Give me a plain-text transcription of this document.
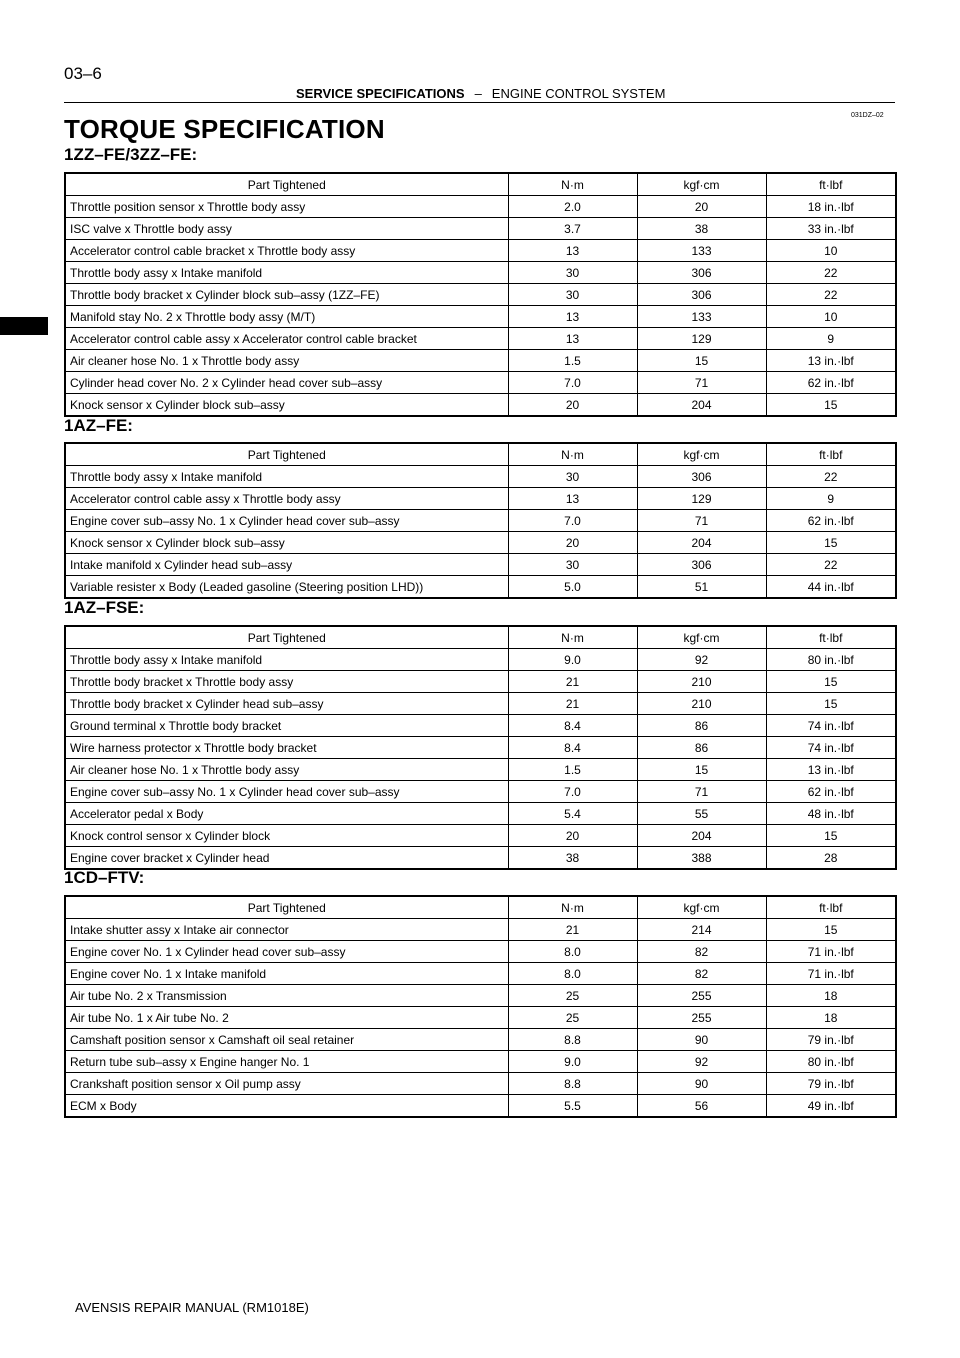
03–6
SERVICE SPECIFICATIONS – ENGINE CONTROL SYSTEM
031DZ–02
TORQUE SPECIFICATION
1ZZ–FE/3ZZ–FE:
Part Tightened	N·m	kgf·cm	ft·lbf
Throttle position sensor x Throttle body assy	2.0	20	18 in.·lbf
ISC valve x Throttle body assy	3.7	38	33 in.·lbf
Accelerator control cable bracket x Throttle body assy	13	133	10
Throttle body assy x Intake manifold	30	306	22
Throttle body bracket x Cylinder block sub–assy (1ZZ–FE)	30	306	22
Manifold stay No. 2 x Throttle body assy (M/T)	13	133	10
Accelerator control cable assy x Accelerator control cable bracket	13	129	9
Air cleaner hose No. 1 x Throttle body assy	1.5	15	13 in.·lbf
Cylinder head cover No. 2 x Cylinder head cover sub–assy	7.0	71	62 in.·lbf
Knock sensor x Cylinder block sub–assy	20	204	15
1AZ–FE:
Part Tightened	N·m	kgf·cm	ft·lbf
Throttle body assy x Intake manifold	30	306	22
Accelerator control cable assy x Throttle body assy	13	129	9
Engine cover sub–assy No. 1 x Cylinder head cover sub–assy	7.0	71	62 in.·lbf
Knock sensor x Cylinder block sub–assy	20	204	15
Intake manifold x Cylinder head sub–assy	30	306	22
Variable resister x Body (Leaded gasoline (Steering position LHD))	5.0	51	44 in.·lbf
1AZ–FSE:
Part Tightened	N·m	kgf·cm	ft·lbf
Throttle body assy x Intake manifold	9.0	92	80 in.·lbf
Throttle body bracket x Throttle body assy	21	210	15
Throttle body bracket x Cylinder head sub–assy	21	210	15
Ground terminal x Throttle body bracket	8.4	86	74 in.·lbf
Wire harness protector x Throttle body bracket	8.4	86	74 in.·lbf
Air cleaner hose No. 1 x Throttle body assy	1.5	15	13 in.·lbf
Engine cover sub–assy No. 1 x Cylinder head cover sub–assy	7.0	71	62 in.·lbf
Accelerator pedal x Body	5.4	55	48 in.·lbf
Knock control sensor x Cylinder block	20	204	15
Engine cover bracket x Cylinder head	38	388	28
1CD–FTV:
Part Tightened	N·m	kgf·cm	ft·lbf
Intake shutter assy x Intake air connector	21	214	15
Engine cover No. 1 x Cylinder head cover sub–assy	8.0	82	71 in.·lbf
Engine cover No. 1 x Intake manifold	8.0	82	71 in.·lbf
Air tube No. 2 x Transmission	25	255	18
Air tube No. 1 x Air tube No. 2	25	255	18
Camshaft position sensor x Camshaft oil seal retainer	8.8	90	79 in.·lbf
Return tube sub–assy x Engine hanger No. 1	9.0	92	80 in.·lbf
Crankshaft position sensor x Oil pump assy	8.8	90	79 in.·lbf
ECM x Body	5.5	56	49 in.·lbf
AVENSIS REPAIR MANUAL (RM1018E)
